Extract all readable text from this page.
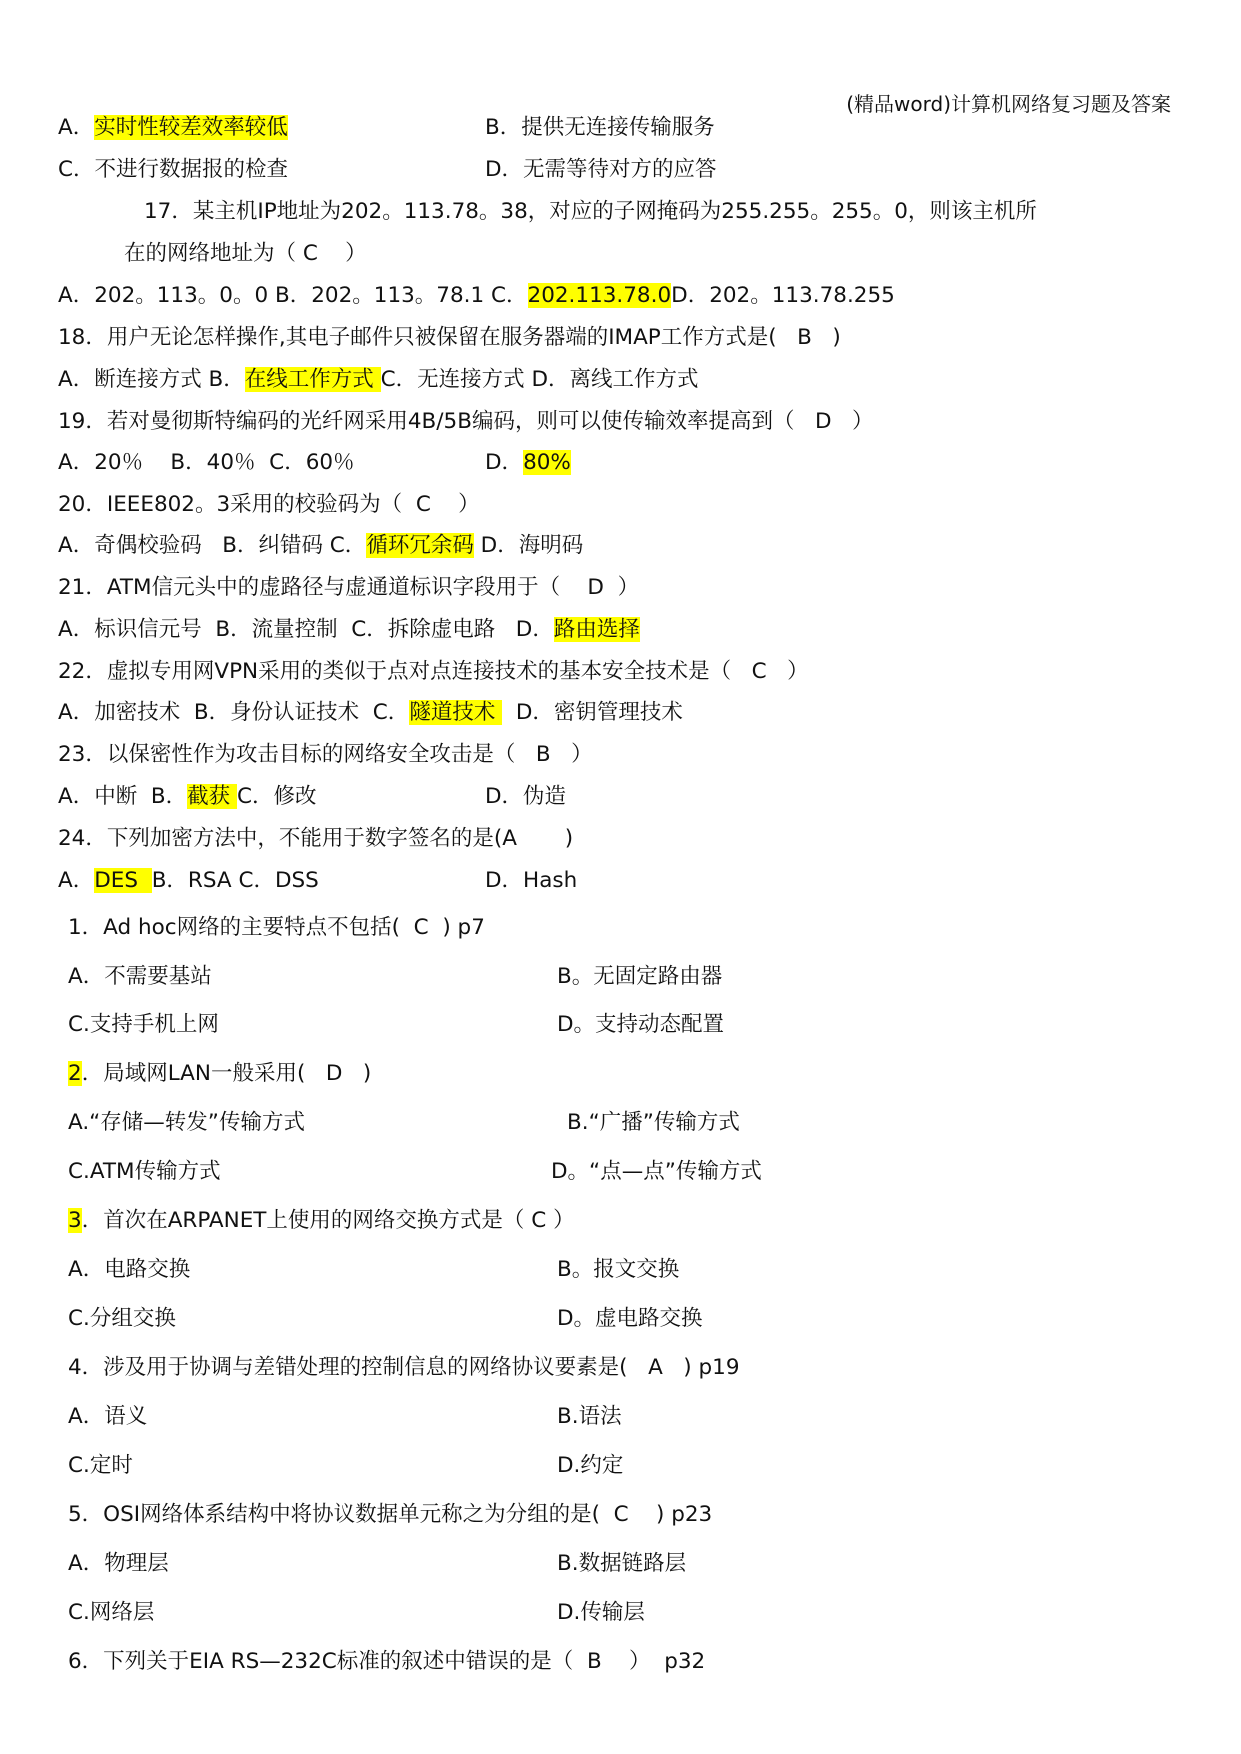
(精品word)计算机网络复习题及答案
A．实时性较差效率较低	B．提供无连接传输服务
C．不进行数据报的检查	D．无需等待对方的应答
17．某主机IP地址为202。113.78。38，对应的子网掩码为255.255。255。0，则该主机所
在的网络地址为（ C    ）
A．202。113。0。0 B．202。113。78.1 C．202.113.78.0D．202。113.78.255
18．用户无论怎样操作,其电子邮件只被保留在服务器端的IMAP工作方式是(   B   )
A．断连接方式 B．在线工作方式 C．无连接方式 D．离线工作方式
19．若对曼彻斯特编码的光纤网采用4B/5B编码，则可以使传输效率提高到（   D   ）
A．20％    B．40％  C．60％	D．80%
20．IEEE802。3采用的校验码为（  C    ）
A．奇偶校验码   B．纠错码 C．循环冗余码 D．海明码
21．ATM信元头中的虚路径与虚通道标识字段用于（    D  ）
A．标识信元号  B．流量控制  C．拆除虚电路   D．路由选择
22．虚拟专用网VPN采用的类似于点对点连接技术的基本安全技术是（   C   ）
A．加密技术  B．身份认证技术  C．隧道技术   D．密钥管理技术
23．以保密性作为攻击目标的网络安全攻击是（   B   ）
A．中断  B．截获 C．修改	D．伪造
24．下列加密方法中，不能用于数字签名的是(A       )
A．DES  B．RSA C．DSS	D．Hash
1．Ad hoc网络的主要特点不包括(  C  ) p7
A．不需要基站	B。无固定路由器
C.支持手机上网	D。支持动态配置
2．局域网LAN一般采用(   D   )
A.“存储—转发”传输方式	B.“广播”传输方式
C.ATM传输方式	D。“点—点”传输方式
3．首次在ARPANET上使用的网络交换方式是（ C ）
A．电路交换	B。报文交换
C.分组交换	D。虚电路交换
4．涉及用于协调与差错处理的控制信息的网络协议要素是(   A   ) p19
A．语义	B.语法
C.定时	D.约定
5．OSI网络体系结构中将协议数据单元称之为分组的是(  C    ) p23
A．物理层	B.数据链路层
C.网络层	D.传输层
6．下列关于EIA RS—232C标准的叙述中错误的是（  B    ）  p32
